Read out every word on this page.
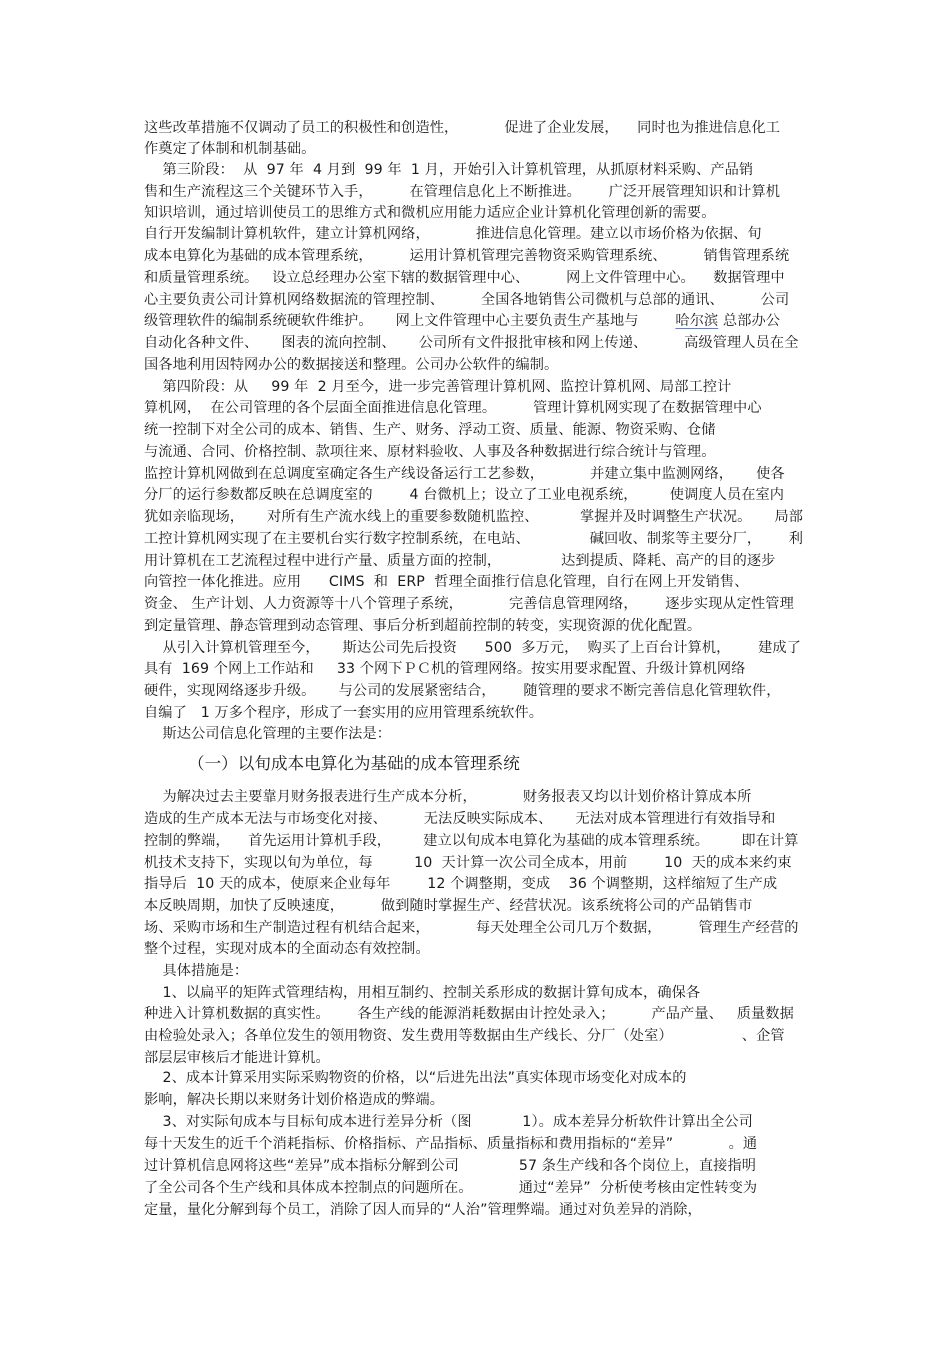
这些改革措施不仅调动了员工的积极性和创造性，          促进了企业发展，    同时也为推进信息化工
作奠定了体制和机制基础。
第三阶段：  从  97 年  4 月到  99 年  1 月，开始引入计算机管理，从抓原材料采购、产品销
售和生产流程这三个关键环节入手，        在管理信息化上不断推进。      广泛开展管理知识和计算机
知识培训，通过培训使员工的思维方式和微机应用能力适应企业计算机化管理创新的需要。
自行开发编制计算机软件，建立计算机网络，          推进信息化管理。建立以市场价格为依据、旬
成本电算化为基础的成本管理系统，        运用计算机管理完善物资采购管理系统、        销售管理系统
和质量管理系统。   设立总经理办公室下辖的数据管理中心、        网上文件管理中心。    数据管理中
心主要负责公司计算机网络数据流的管理控制、        全国各地销售公司微机与总部的通讯、        公司
级管理软件的编制系统硬软件维护。     网上文件管理中心主要负责生产基地与        哈尔滨 总部办公
自动化各种文件、     图表的流向控制、     公司所有文件报批审核和网上传递、        高级管理人员在全
国各地利用因特网办公的数据接送和整理。公司办公软件的编制。
第四阶段：从     99 年  2 月至今，进一步完善管理计算机网、监控计算机网、局部工控计
算机网，  在公司管理的各个层面全面推进信息化管理。        管理计算机网实现了在数据管理中心
统一控制下对全公司的成本、销售、生产、财务、浮动工资、质量、能源、物资采购、仓储
与流通、合同、价格控制、款项往来、原材料验收、人事及各种数据进行综合统计与管理。
监控计算机网做到在总调度室确定各生产线设备运行工艺参数，          并建立集中监测网络，     使各
分厂的运行参数都反映在总调度室的        4 台微机上；设立了工业电视系统，       使调度人员在室内
犹如亲临现场，     对所有生产流水线上的重要参数随机监控、         掌握并及时调整生产状况。     局部
工控计算机网实现了在主要机台实行数字控制系统，在电站、             碱回收、制浆等主要分厂，      利
用计算机在工艺流程过程中进行产量、质量方面的控制，             达到提质、降耗、高产的目的逐步
向管控一体化推进。应用      CIMS  和  ERP  哲理全面推行信息化管理，自行在网上开发销售、
资金、 生产计划、人力资源等十八个管理子系统，          完善信息管理网络，      逐步实现从定性管理
到定量管理、静态管理到动态管理、事后分析到超前控制的转变，实现资源的优化配置。
从引入计算机管理至今，     斯达公司先后投资      500  多万元，  购买了上百台计算机，      建成了
具有  169 个网上工作站和     33 个网下ＰＣ机的管理网络。按实用要求配置、升级计算机网络
硬件，实现网络逐步升级。     与公司的发展紧密结合，      随管理的要求不断完善信息化管理软件，
自编了   1 万多个程序，形成了一套实用的应用管理系统软件。
斯达公司信息化管理的主要作法是：
为解决过去主要靠月财务报表进行生产成本分析，          财务报表又均以计划价格计算成本所
造成的生产成本无法与市场变化对接、        无法反映实际成本、     无法对成本管理进行有效指导和
控制的弊端，    首先运用计算机手段，       建立以旬成本电算化为基础的成本管理系统。       即在计算
机技术支持下，实现以旬为单位，每         10  天计算一次公司全成本，用前        10  天的成本来约束
指导后  10 天的成本，使原来企业每年        12 个调整期，变成    36 个调整期，这样缩短了生产成
本反映周期，加快了反映速度，        做到随时掌握生产、经营状况。该系统将公司的产品销售市
场、采购市场和生产制造过程有机结合起来，          每天处理全公司几万个数据，        管理生产经营的
整个过程，实现对成本的全面动态有效控制。
具体措施是：
1、以扁平的矩阵式管理结构，用相互制约、控制关系形成的数据计算旬成本，确保各
种进入计算机数据的真实性。      各生产线的能源消耗数据由计控处录入；        产品产量、   质量数据
由检验处录入；各单位发生的领用物资、发生费用等数据由生产线长、分厂（处室）               、企管
部层层审核后才能进计算机。
2、成本计算采用实际采购物资的价格，以“后进先出法”真实体现市场变化对成本的
影响，解决长期以来财务计划价格造成的弊端。
3、对实际旬成本与目标旬成本进行差异分析（图           1）。成本差异分析软件计算出全公司
每十天发生的近千个消耗指标、价格指标、产品指标、质量指标和费用指标的“差异”            。通
过计算机信息网将这些“差异”成本指标分解到公司             57 条生产线和各个岗位上，直接指明
了全公司各个生产线和具体成本控制点的问题所在。          通过“差异”  分析使考核由定性转变为
定量，量化分解到每个员工，消除了因人而异的“人治”管理弊端。通过对负差异的消除，
（一）以旬成本电算化为基础的成本管理系统
